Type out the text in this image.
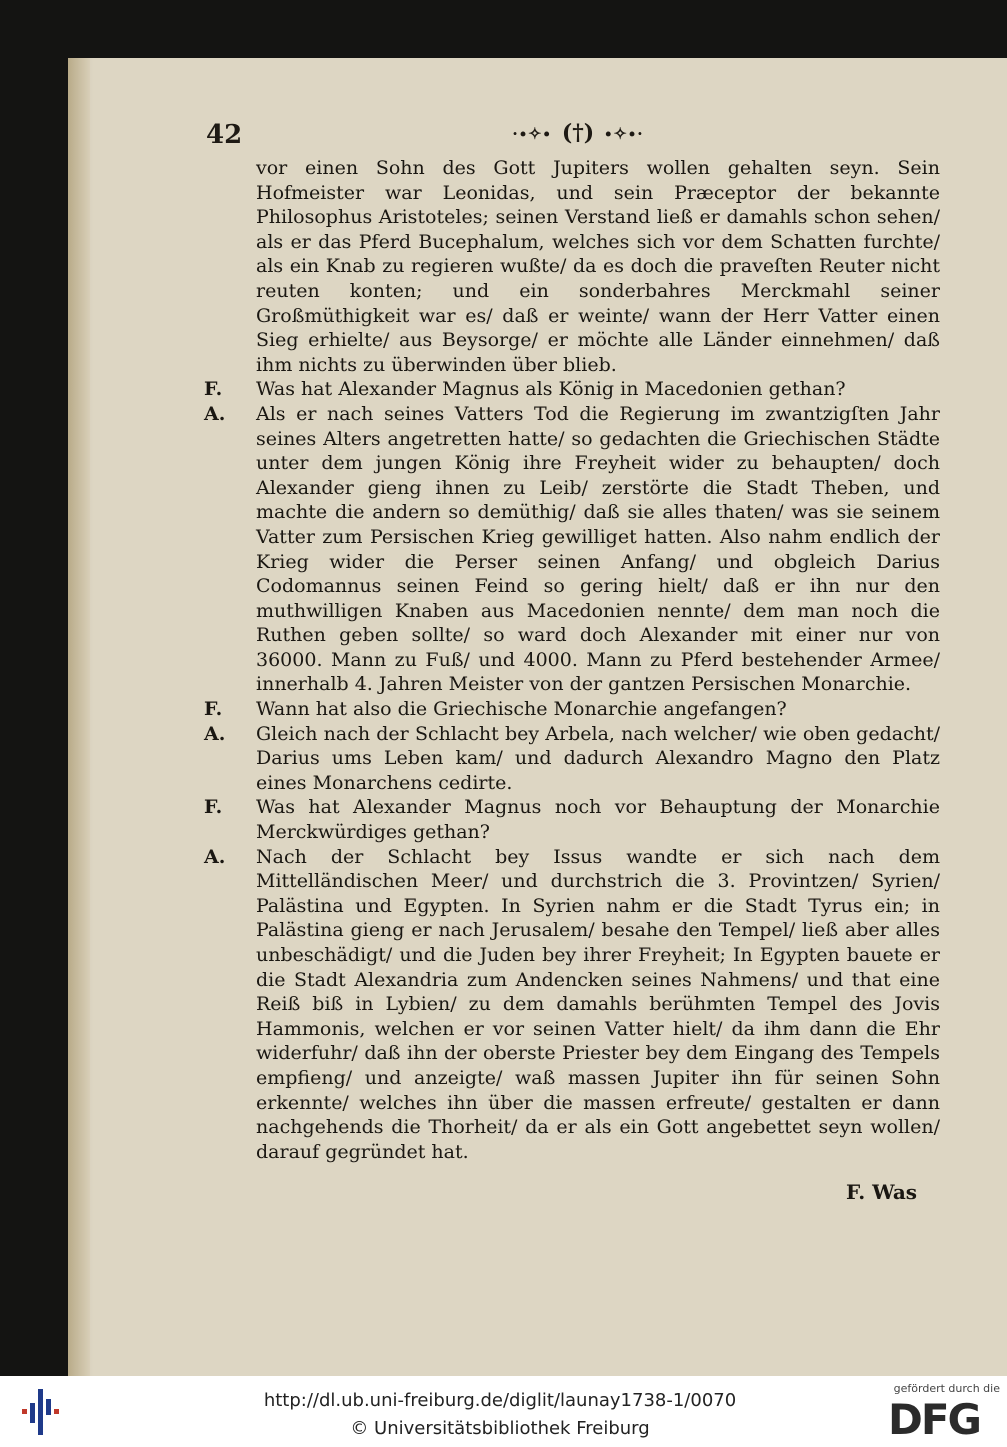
42	·∙✧∙ (†) ∙✧∙·

vor einen Sohn des Gott Jupiters wollen gehalten seyn. Sein Hofmeister war Leonidas, und sein Præceptor der bekannte Philosophus Aristoteles; seinen Verstand ließ er damahls schon sehen/ als er das Pferd Bucephalum, welches sich vor dem Schatten furchte/ als ein Knab zu regieren wußte/ da es doch die praveſten Reuter nicht reuten konten; und ein sonderbahres Merckmahl seiner Großmüthigkeit war es/ daß er weinte/ wann der Herr Vatter einen Sieg erhielte/ aus Beysorge/ er möchte alle Länder einnehmen/ daß ihm nichts zu überwinden über blieb.

F.	Was hat Alexander Magnus als König in Macedonien gethan?

A.	Als er nach seines Vatters Tod die Regierung im zwantzigſten Jahr seines Alters angetretten hatte/ so gedachten die Griechischen Städte unter dem jungen König ihre Freyheit wider zu behaupten/ doch Alexander gieng ihnen zu Leib/ zerstörte die Stadt Theben, und machte die andern so demüthig/ daß sie alles thaten/ was sie seinem Vatter zum Persischen Krieg gewilliget hatten. Also nahm endlich der Krieg wider die Perser seinen Anfang/ und obgleich Darius Codomannus seinen Feind so gering hielt/ daß er ihn nur den muthwilligen Knaben aus Macedonien nennte/ dem man noch die Ruthen geben sollte/ so ward doch Alexander mit einer nur von 36000. Mann zu Fuß/ und 4000. Mann zu Pferd bestehender Armee/ innerhalb 4. Jahren Meister von der gantzen Persischen Monarchie.

F.	Wann hat also die Griechische Monarchie angefangen?

A.	Gleich nach der Schlacht bey Arbela, nach welcher/ wie oben gedacht/ Darius ums Leben kam/ und dadurch Alexandro Magno den Platz eines Monarchens cedirte.

F.	Was hat Alexander Magnus noch vor Behauptung der Monarchie Merckwürdiges gethan?

A.	Nach der Schlacht bey Issus wandte er sich nach dem Mittelländischen Meer/ und durchstrich die 3. Provintzen/ Syrien/ Palästina und Egypten. In Syrien nahm er die Stadt Tyrus ein; in Palästina gieng er nach Jerusalem/ besahe den Tempel/ ließ aber alles unbeschädigt/ und die Juden bey ihrer Freyheit; In Egypten bauete er die Stadt Alexandria zum Andencken seines Nahmens/ und that eine Reiß biß in Lybien/ zu dem damahls berühmten Tempel des Jovis Hammonis, welchen er vor seinen Vatter hielt/ da ihm dann die Ehr widerfuhr/ daß ihn der oberste Priester bey dem Eingang des Tempels empfieng/ und anzeigte/ waß massen Jupiter ihn für seinen Sohn erkennte/ welches ihn über die massen erfreute/ gestalten er dann nachgehends die Thorheit/ da er als ein Gott angebettet seyn wollen/ darauf gegründet hat.

F. Was
http://dl.ub.uni-freiburg.de/diglit/launay1738-1/0070
© Universitätsbibliothek Freiburg
gefördert durch die
DFG
